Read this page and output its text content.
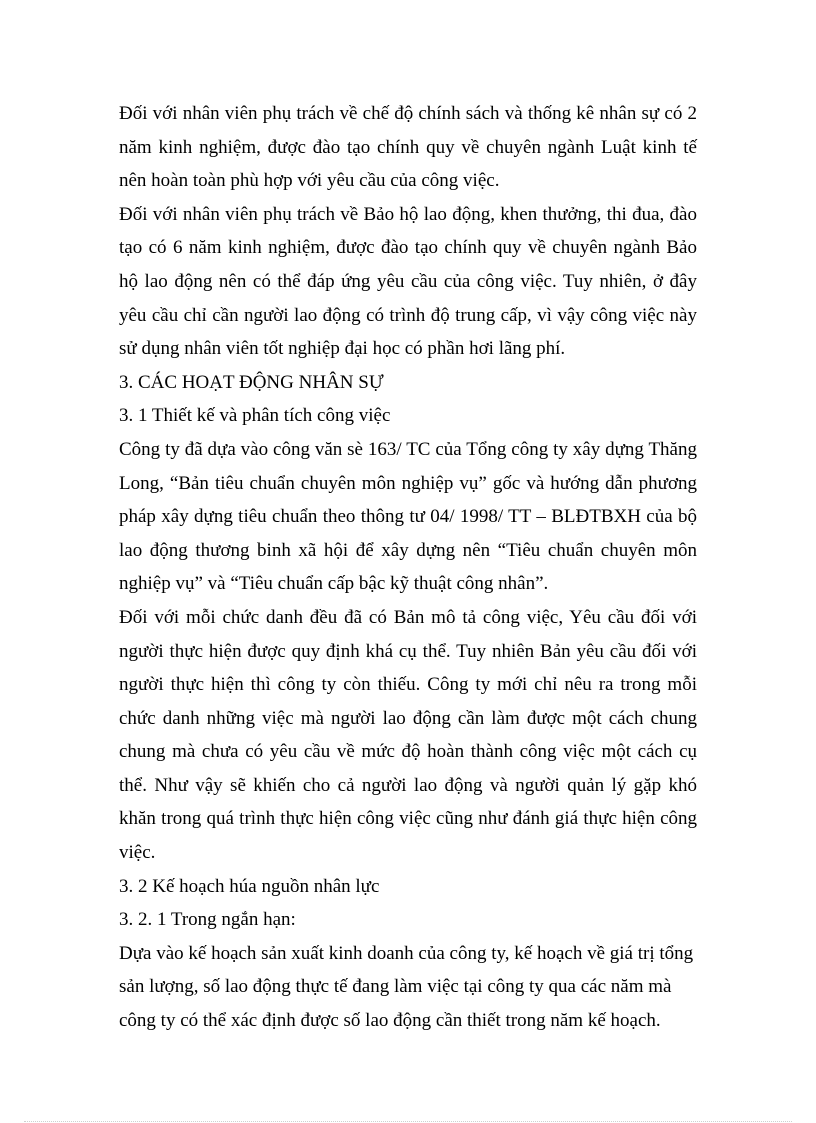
Đối với nhân viên phụ trách về chế độ chính sách và thống kê nhân sự có 2 năm kinh nghiệm, được đào tạo chính quy về chuyên ngành Luật kinh tế nên hoàn toàn phù hợp với yêu cầu của công việc.

Đối với nhân viên phụ trách về Bảo hộ lao động, khen thưởng, thi đua, đào tạo có 6 năm kinh nghiệm, được đào tạo chính quy về chuyên ngành Bảo hộ lao động nên có thể đáp ứng yêu cầu của công việc. Tuy nhiên, ở đây yêu cầu chỉ cần người lao động có trình độ trung cấp, vì vậy công việc này sử dụng nhân viên tốt nghiệp đại học có phần hơi lãng phí.

3. CÁC HOẠT ĐỘNG NHÂN SỰ

3. 1 Thiết kế và phân tích công việc

Công ty đã dựa vào công văn sè 163/ TC của Tổng công ty xây dựng Thăng Long, “Bản tiêu chuẩn chuyên môn nghiệp vụ” gốc và hướng dẫn phương pháp xây dựng tiêu chuẩn theo thông tư 04/ 1998/ TT – BLĐTBXH của bộ lao động thương binh xã hội để xây dựng nên “Tiêu chuẩn chuyên môn nghiệp vụ” và “Tiêu chuẩn cấp bậc kỹ thuật công nhân”.

Đối với mỗi chức danh đều đã có Bản mô tả công việc, Yêu cầu đối với người thực hiện được quy định khá cụ thể. Tuy nhiên Bản yêu cầu đối với người thực hiện thì công ty còn thiếu. Công ty mới chỉ nêu ra trong mỗi chức danh những việc mà người lao động cần làm được một cách chung chung mà chưa có yêu cầu về mức độ hoàn thành công việc một cách cụ thể. Như vậy sẽ khiến cho cả người lao động và người quản lý gặp khó khăn trong quá trình thực hiện công việc cũng như đánh giá thực hiện công việc.

3. 2 Kế hoạch húa nguồn nhân lực

3. 2. 1 Trong ngắn hạn:

Dựa vào kế hoạch sản xuất kinh doanh của công ty, kế hoạch về giá trị tổng sản lượng, số lao động thực tế đang làm việc tại công ty qua các năm mà công ty có thể xác định được số lao động cần thiết trong năm kế hoạch.
